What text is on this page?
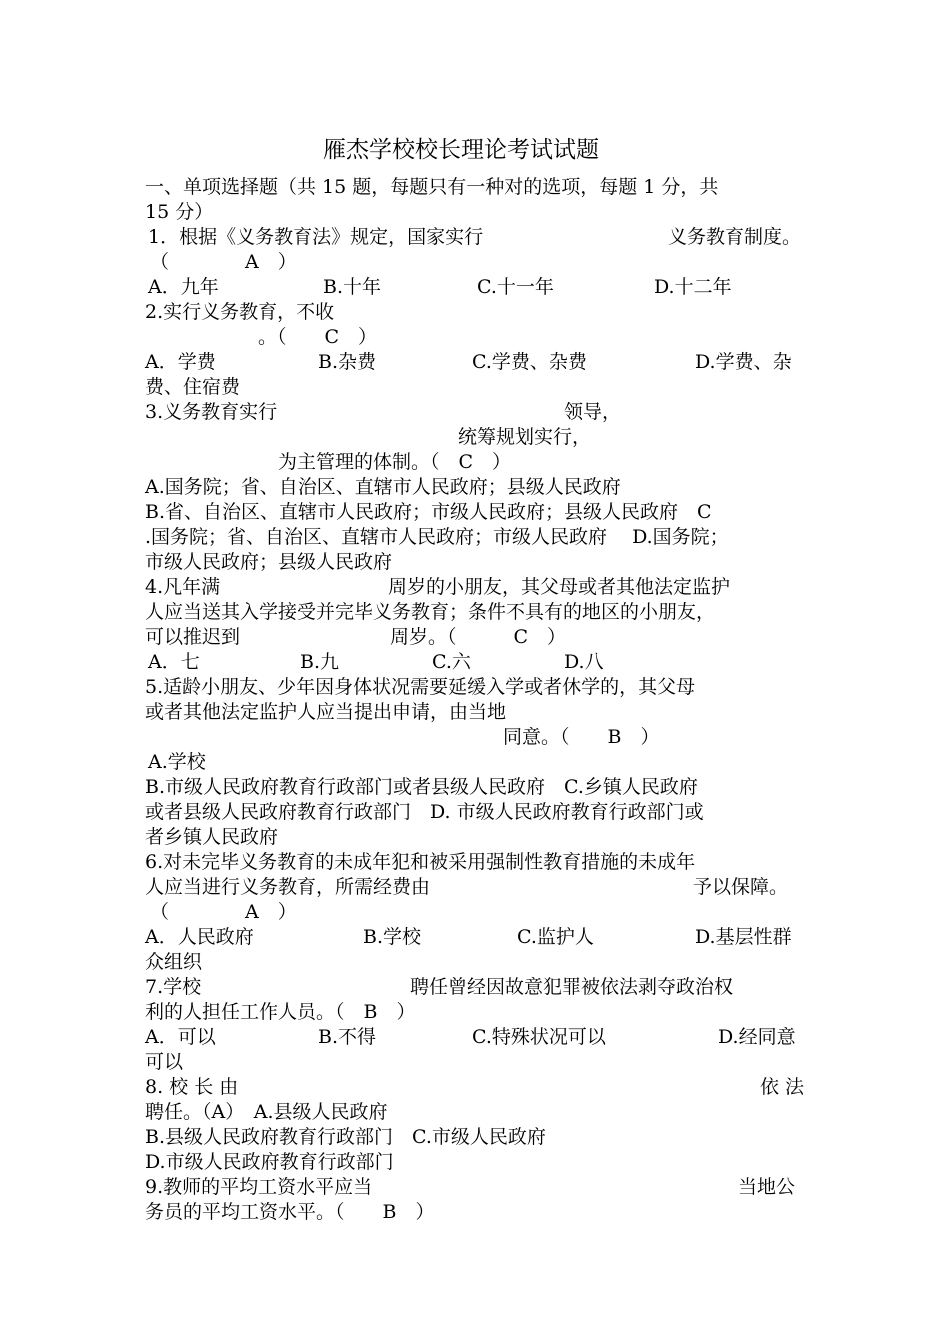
雁杰学校校长理论考试试题
一、单项选择题（共 15 题，每题只有一种对的选项，每题 1 分，共
15 分）
1．根据《义务教育法》规定，国家实行	义务教育制度。
（　　　　A　）
A．九年	B.十年	C.十一年	D.十二年
2.实行义务教育，不收
。（　　C　）
A．学费	B.杂费	C.学费、杂费	D.学费、杂
费、住宿费
3.义务教育实行	领导，
统筹规划实行，
为主管理的体制。（　C　）
A.国务院；省、自治区、直辖市人民政府；县级人民政府
B.省、自治区、直辖市人民政府；市级人民政府；县级人民政府　C
.国务院；省、自治区、直辖市人民政府；市级人民政府　 D.国务院；
市级人民政府；县级人民政府
4.凡年满	周岁的小朋友，其父母或者其他法定监护
人应当送其入学接受并完毕义务教育；条件不具有的地区的小朋友，
可以推迟到	周岁。（　　　C　）
A．七	B.九	C.六	D.八
5.适龄小朋友、少年因身体状况需要延缓入学或者休学的，其父母
或者其他法定监护人应当提出申请，由当地
同意。（　　B　）
A.学校
B.市级人民政府教育行政部门或者县级人民政府　C.乡镇人民政府
或者县级人民政府教育行政部门　D. 市级人民政府教育行政部门或
者乡镇人民政府
6.对未完毕义务教育的未成年犯和被采用强制性教育措施的未成年
人应当进行义务教育，所需经费由	予以保障。
（　　　　A　）
A．人民政府	B.学校	C.监护人	D.基层性群
众组织
7.学校	聘任曾经因故意犯罪被依法剥夺政治权
利的人担任工作人员。（　B　）
A．可以	B.不得	C.特殊状况可以	D.经同意
可以
8. 校 长 由	依 法
聘任。（A）　A.县级人民政府
B.县级人民政府教育行政部门　C.市级人民政府
D.市级人民政府教育行政部门
9.教师的平均工资水平应当	当地公
务员的平均工资水平。（　　B　）
